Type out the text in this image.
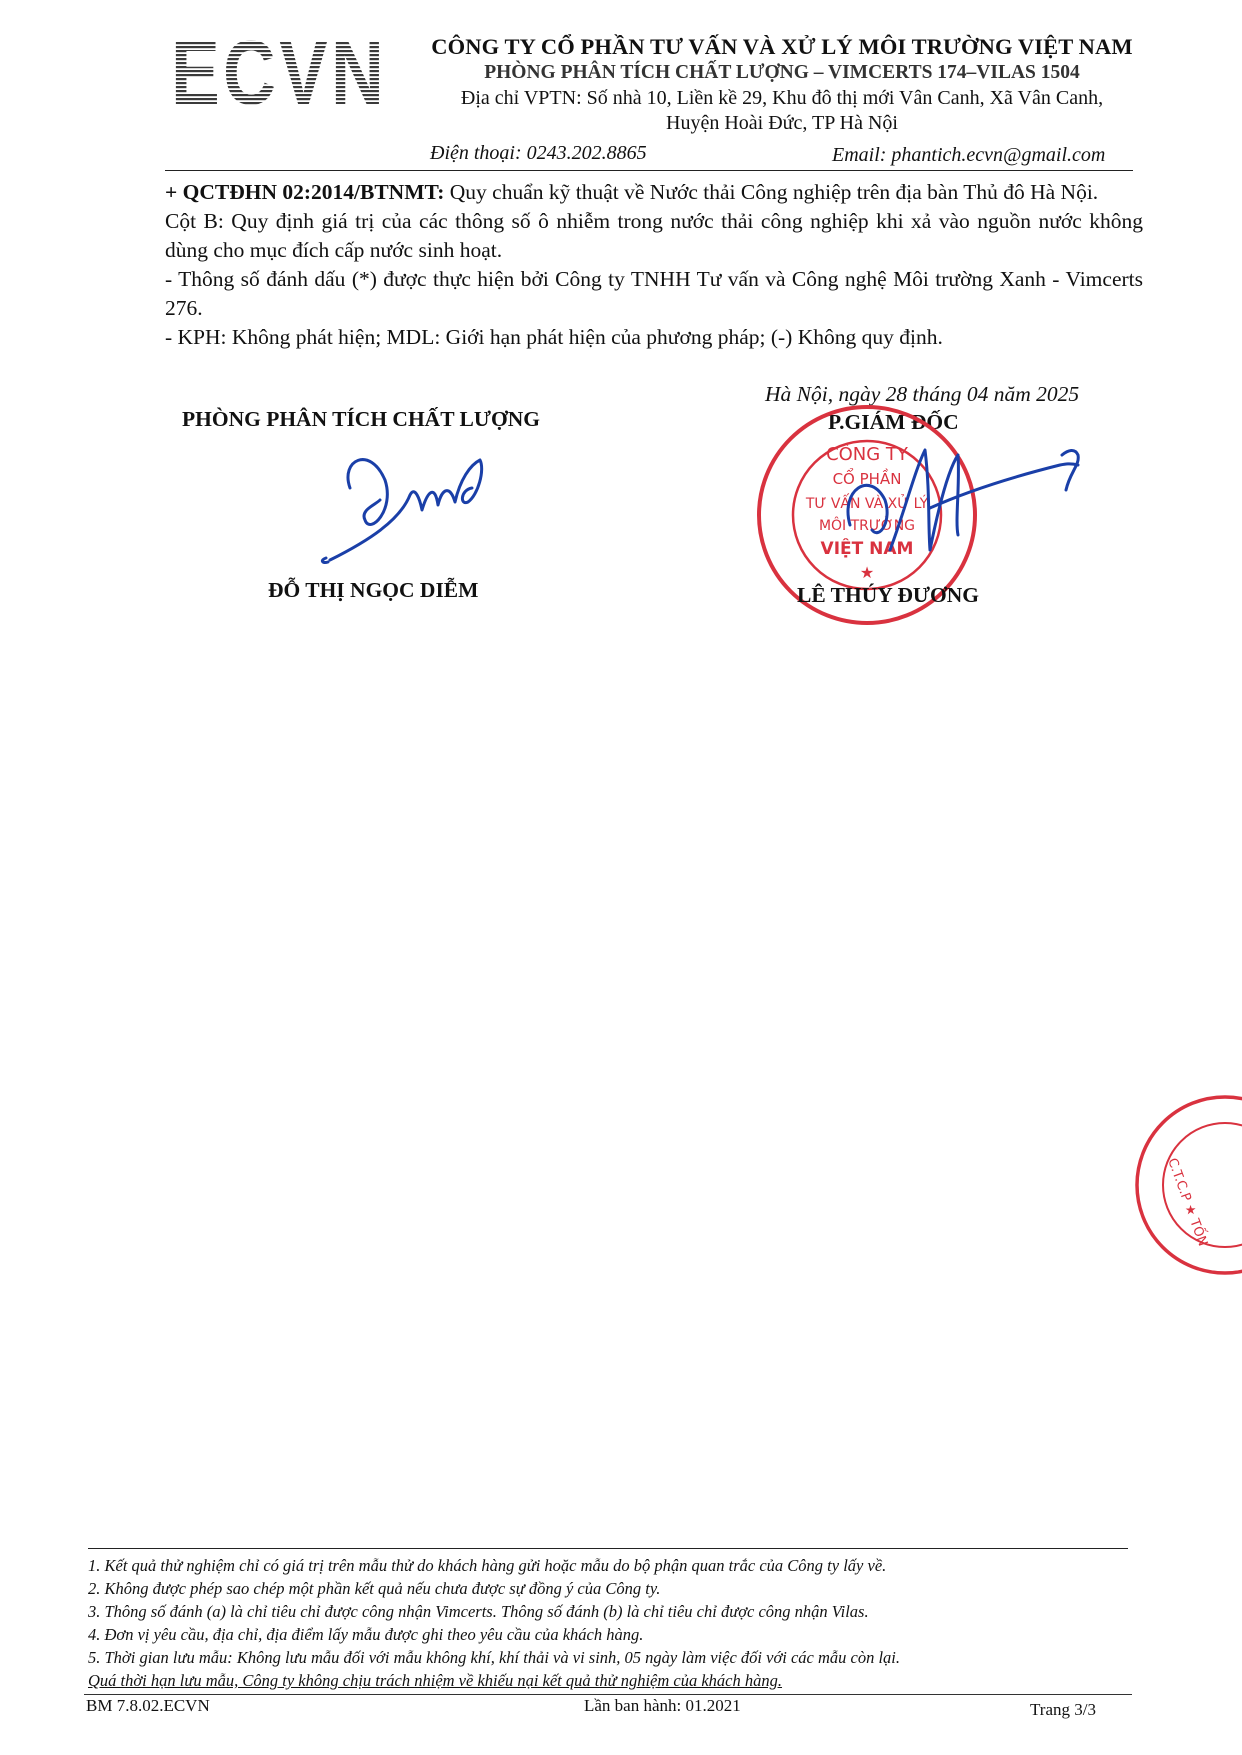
ECVN	CÔNG TY CỔ PHẦN TƯ VẤN VÀ XỬ LÝ MÔI TRƯỜNG VIỆT NAM
PHÒNG PHÂN TÍCH CHẤT LƯỢNG – VIMCERTS 174–VILAS 1504
Địa chỉ VPTN: Số nhà 10, Liền kề 29, Khu đô thị mới Vân Canh, Xã Vân Canh,
Huyện Hoài Đức, TP Hà Nội
Điện thoại: 0243.202.8865	Email: phantich.ecvn@gmail.com

+ QCTĐHN 02:2014/BTNMT: Quy chuẩn kỹ thuật về Nước thải Công nghiệp trên địa bàn Thủ đô Hà Nội.

Cột B: Quy định giá trị của các thông số ô nhiễm trong nước thải công nghiệp khi xả vào nguồn nước không dùng cho mục đích cấp nước sinh hoạt.

- Thông số đánh dấu (*) được thực hiện bởi Công ty TNHH Tư vấn và Công nghệ Môi trường Xanh - Vimcerts 276.

- KPH: Không phát hiện; MDL: Giới hạn phát hiện của phương pháp; (-) Không quy định.

Hà Nội, ngày 28 tháng 04 năm 2025
PHÒNG PHÂN TÍCH CHẤT LƯỢNG	P.GIÁM ĐỐC
CÔNG TY
CỔ PHẦN
TƯ VẤN VÀ XỬ LÝ
MÔI TRƯỜNG
VIỆT NAM
★
ĐỖ THỊ NGỌC DIỄM	LÊ THÚY ĐƯƠNG
C.T.C.P ★ TỐN
1. Kết quả thử nghiệm chỉ có giá trị trên mẫu thử do khách hàng gửi hoặc mẫu do bộ phận quan trắc của Công ty lấy về.
2. Không được phép sao chép một phần kết quả nếu chưa được sự đồng ý của Công ty.
3. Thông số đánh (a) là chỉ tiêu chỉ được công nhận Vimcerts. Thông số đánh (b) là chỉ tiêu chỉ được công nhận Vilas.
4. Đơn vị yêu cầu, địa chỉ, địa điểm lấy mẫu được ghi theo yêu cầu của khách hàng.
5. Thời gian lưu mẫu: Không lưu mẫu đối với mẫu không khí, khí thải và vi sinh, 05 ngày làm việc đối với các mẫu còn lại.
Quá thời hạn lưu mẫu, Công ty không chịu trách nhiệm về khiếu nại kết quả thử nghiệm của khách hàng.
BM 7.8.02.ECVN	Lần ban hành: 01.2021	Trang 3/3
